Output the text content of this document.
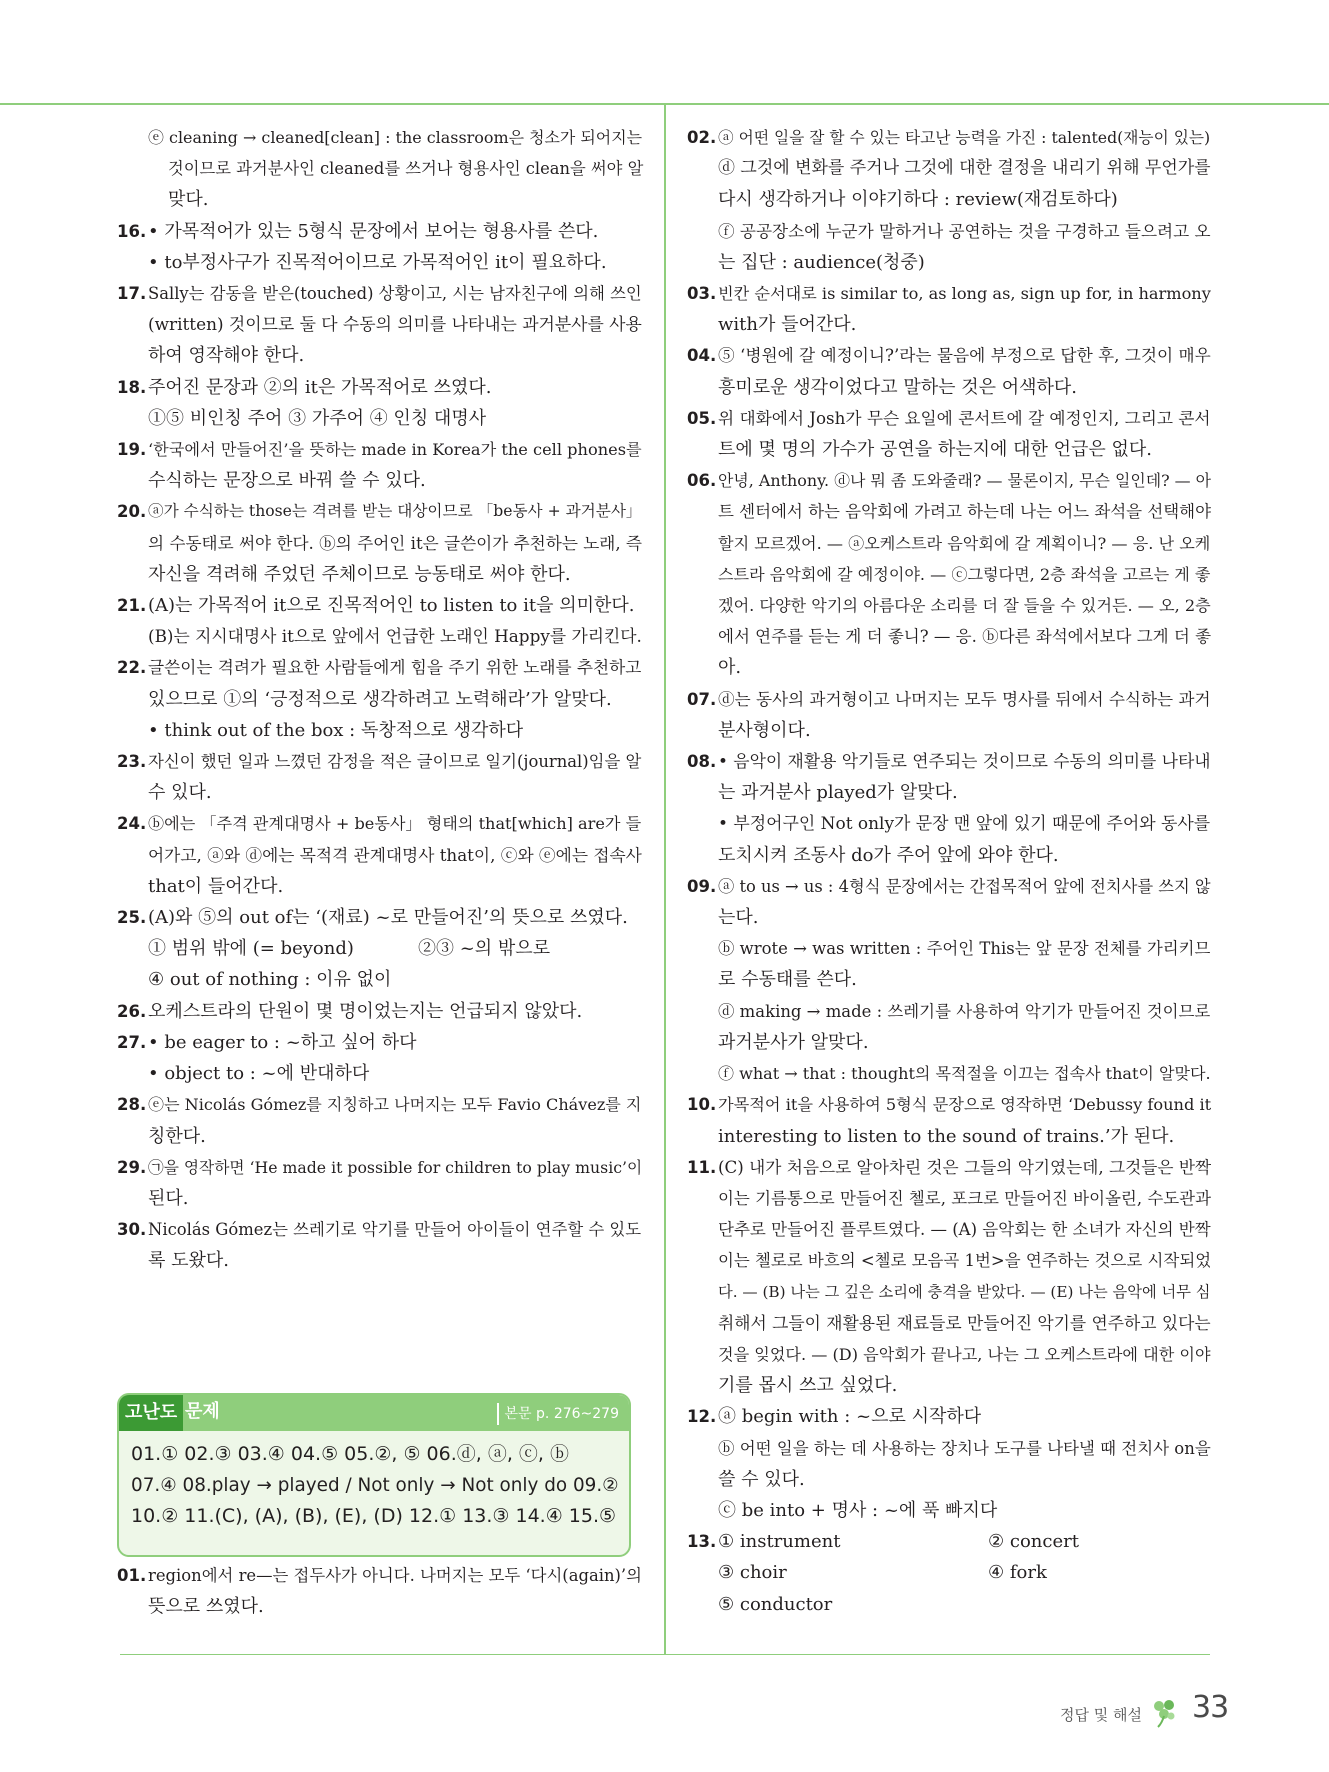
ⓔ cleaning → cleaned[clean] : the classroom은 청소가 되어지는
것이므로 과거분사인 cleaned를 쓰거나 형용사인 clean을 써야 알
맞다.
16. • 가목적어가 있는 5형식 문장에서 보어는 형용사를 쓴다.
• to부정사구가 진목적어이므로 가목적어인 it이 필요하다.
17. Sally는 감동을 받은(touched) 상황이고, 시는 남자친구에 의해 쓰인
(written) 것이므로 둘 다 수동의 의미를 나타내는 과거분사를 사용
하여 영작해야 한다.
18. 주어진 문장과 ②의 it은 가목적어로 쓰였다.
①⑤ 비인칭 주어 ③ 가주어 ④ 인칭 대명사
19. ‘한국에서 만들어진’을 뜻하는 made in Korea가 the cell phones를
수식하는 문장으로 바꿔 쓸 수 있다.
20. ⓐ가 수식하는 those는 격려를 받는 대상이므로 「be동사 + 과거분사」
의 수동태로 써야 한다. ⓑ의 주어인 it은 글쓴이가 추천하는 노래, 즉
자신을 격려해 주었던 주체이므로 능동태로 써야 한다.
21. (A)는 가목적어 it으로 진목적어인 to listen to it을 의미한다.
(B)는 지시대명사 it으로 앞에서 언급한 노래인 Happy를 가리킨다.
22. 글쓴이는 격려가 필요한 사람들에게 힘을 주기 위한 노래를 추천하고
있으므로 ①의 ‘긍정적으로 생각하려고 노력해라’가 알맞다.
• think out of the box : 독창적으로 생각하다
23. 자신이 했던 일과 느꼈던 감정을 적은 글이므로 일기(journal)임을 알
수 있다.
24. ⓑ에는 「주격 관계대명사 + be동사」 형태의 that[which] are가 들
어가고, ⓐ와 ⓓ에는 목적격 관계대명사 that이, ⓒ와 ⓔ에는 접속사
that이 들어간다.
25. (A)와 ⑤의 out of는 ‘(재료) ~로 만들어진’의 뜻으로 쓰였다.
① 범위 밖에 (= beyond)	②③ ~의 밖으로
④ out of nothing : 이유 없이
26. 오케스트라의 단원이 몇 명이었는지는 언급되지 않았다.
27. • be eager to : ~하고 싶어 하다
• object to : ~에 반대하다
28. ⓔ는 Nicolás Gómez를 지칭하고 나머지는 모두 Favio Chávez를 지
칭한다.
29. ㉠을 영작하면 ‘He made it possible for children to play music’이
된다.
30. Nicolás Gómez는 쓰레기로 악기를 만들어 아이들이 연주할 수 있도
록 도왔다.
고난도 문제	본문 p. 276~279
01.① 02.③ 03.④ 04.⑤ 05.②, ⑤ 06.ⓓ, ⓐ, ⓒ, ⓑ
07.④ 08.play → played / Not only → Not only do 09.②
10.② 11.(C), (A), (B), (E), (D) 12.① 13.③ 14.④ 15.⑤
01. region에서 re—는 접두사가 아니다. 나머지는 모두 ‘다시(again)’의
뜻으로 쓰였다.
02. ⓐ 어떤 일을 잘 할 수 있는 타고난 능력을 가진 : talented(재능이 있는)
ⓓ 그것에 변화를 주거나 그것에 대한 결정을 내리기 위해 무언가를
다시 생각하거나 이야기하다 : review(재검토하다)
ⓕ 공공장소에 누군가 말하거나 공연하는 것을 구경하고 들으려고 오
는 집단 : audience(청중)
03. 빈칸 순서대로 is similar to, as long as, sign up for, in harmony
with가 들어간다.
04. ⑤ ‘병원에 갈 예정이니?’라는 물음에 부정으로 답한 후, 그것이 매우
흥미로운 생각이었다고 말하는 것은 어색하다.
05. 위 대화에서 Josh가 무슨 요일에 콘서트에 갈 예정인지, 그리고 콘서
트에 몇 명의 가수가 공연을 하는지에 대한 언급은 없다.
06. 안녕, Anthony. ⓓ나 뭐 좀 도와줄래? — 물론이지, 무슨 일인데? — 아
트 센터에서 하는 음악회에 가려고 하는데 나는 어느 좌석을 선택해야
할지 모르겠어. — ⓐ오케스트라 음악회에 갈 계획이니? — 응. 난 오케
스트라 음악회에 갈 예정이야. — ⓒ그렇다면, 2층 좌석을 고르는 게 좋
겠어. 다양한 악기의 아름다운 소리를 더 잘 들을 수 있거든. — 오, 2층
에서 연주를 듣는 게 더 좋니? — 응. ⓑ다른 좌석에서보다 그게 더 좋
아.
07. ⓓ는 동사의 과거형이고 나머지는 모두 명사를 뒤에서 수식하는 과거
분사형이다.
08. • 음악이 재활용 악기들로 연주되는 것이므로 수동의 의미를 나타내
는 과거분사 played가 알맞다.
• 부정어구인 Not only가 문장 맨 앞에 있기 때문에 주어와 동사를
도치시켜 조동사 do가 주어 앞에 와야 한다.
09. ⓐ to us → us : 4형식 문장에서는 간접목적어 앞에 전치사를 쓰지 않
는다.
ⓑ wrote → was written : 주어인 This는 앞 문장 전체를 가리키므
로 수동태를 쓴다.
ⓓ making → made : 쓰레기를 사용하여 악기가 만들어진 것이므로
과거분사가 알맞다.
ⓕ what → that : thought의 목적절을 이끄는 접속사 that이 알맞다.
10. 가목적어 it을 사용하여 5형식 문장으로 영작하면 ‘Debussy found it
interesting to listen to the sound of trains.’가 된다.
11. (C) 내가 처음으로 알아차린 것은 그들의 악기였는데, 그것들은 반짝
이는 기름통으로 만들어진 첼로, 포크로 만들어진 바이올린, 수도관과
단추로 만들어진 플루트였다. — (A) 음악회는 한 소녀가 자신의 반짝
이는 첼로로 바흐의 <첼로 모음곡 1번>을 연주하는 것으로 시작되었
다. — (B) 나는 그 깊은 소리에 충격을 받았다. — (E) 나는 음악에 너무 심
취해서 그들이 재활용된 재료들로 만들어진 악기를 연주하고 있다는
것을 잊었다. — (D) 음악회가 끝나고, 나는 그 오케스트라에 대한 이야
기를 몹시 쓰고 싶었다.
12. ⓐ begin with : ~으로 시작하다
ⓑ 어떤 일을 하는 데 사용하는 장치나 도구를 나타낼 때 전치사 on을
쓸 수 있다.
ⓒ be into + 명사 : ~에 푹 빠지다
13. ① instrument	② concert
③ choir	④ fork
⑤ conductor
정답 및 해설 33
